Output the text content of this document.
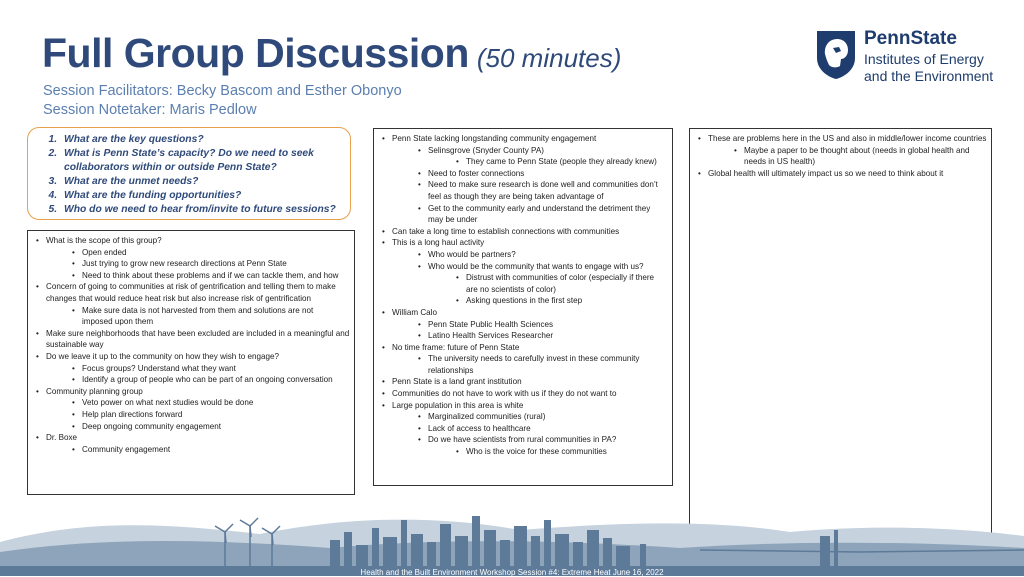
Full Group Discussion (50 minutes)
Session Facilitators: Becky Bascom and Esther Obonyo
Session Notetaker: Maris Pedlow
PennState
Institutes of Energy
and the Environment
1. What are the key questions?
2. What is Penn State’s capacity? Do we need to seek collaborators within or outside Penn State?
3. What are the unmet needs?
4. What are the funding opportunities?
5. Who do we need to hear from/invite to future sessions?
• What is the scope of this group?
• Open ended
• Just trying to grow new research directions at Penn State
• Need to think about these problems and if we can tackle them, and how
• Concern of going to communities at risk of gentrification and telling them to make changes that would reduce heat risk but also increase risk of gentrification
• Make sure data is not harvested from them and solutions are not imposed upon them
• Make sure neighborhoods that have been excluded are included in a meaningful and sustainable way
• Do we leave it up to the community on how they wish to engage?
• Focus groups? Understand what they want
• Identify a group of people who can be part of an ongoing conversation
• Community planning group
• Veto power on what next studies would be done
• Help plan directions forward
• Deep ongoing community engagement
• Dr. Boxe
• Community engagement
• Penn State lacking longstanding community engagement
• Selinsgrove (Snyder County PA)
• They came to Penn State (people they already knew)
• Need to foster connections
• Need to make sure research is done well and communities don’t feel as though they are being taken advantage of
• Get to the community early and understand the detriment they may be under
• Can take a long time to establish connections with communities
• This is a long haul activity
• Who would be partners?
• Who would be the community that wants to engage with us?
• Distrust with communities of color (especially if there are no scientists of color)
• Asking questions in the first step
• William Calo
• Penn State Public Health Sciences
• Latino Health Services Researcher
• No time frame: future of Penn State
• The university needs to carefully invest in these community relationships
• Penn State is a land grant institution
• Communities do not have to work with us if they do not want to
• Large population in this area is white
• Marginalized communities (rural)
• Lack of access to healthcare
• Do we have scientists from rural communities in PA?
• Who is the voice for these communities
• These are problems here in the US and also in middle/lower income countries
• Maybe a paper to be thought about (needs in global health and needs in US health)
• Global health will ultimately impact us so we need to think about it
Health and the Built Environment Workshop Session #4: Extreme Heat June 16, 2022
